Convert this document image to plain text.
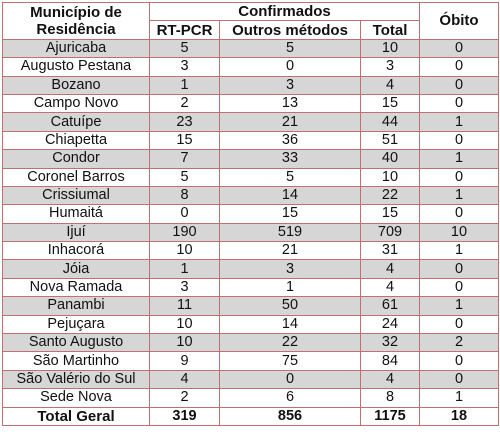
Município de
Residência	Confirmados			Óbito
	RT-PCR	Outros métodos	Total	
Ajuricaba	5	5	10	0
Augusto Pestana	3	0	3	0
Bozano	1	3	4	0
Campo Novo	2	13	15	0
Catuípe	23	21	44	1
Chiapetta	15	36	51	0
Condor	7	33	40	1
Coronel Barros	5	5	10	0
Crissiumal	8	14	22	1
Humaitá	0	15	15	0
Ijuí	190	519	709	10
Inhacorá	10	21	31	1
Jóia	1	3	4	0
Nova Ramada	3	1	4	0
Panambi	11	50	61	1
Pejuçara	10	14	24	0
Santo Augusto	10	22	32	2
São Martinho	9	75	84	0
São Valério do Sul	4	0	4	0
Sede Nova	2	6	8	1
Total Geral	319	856	1175	18
